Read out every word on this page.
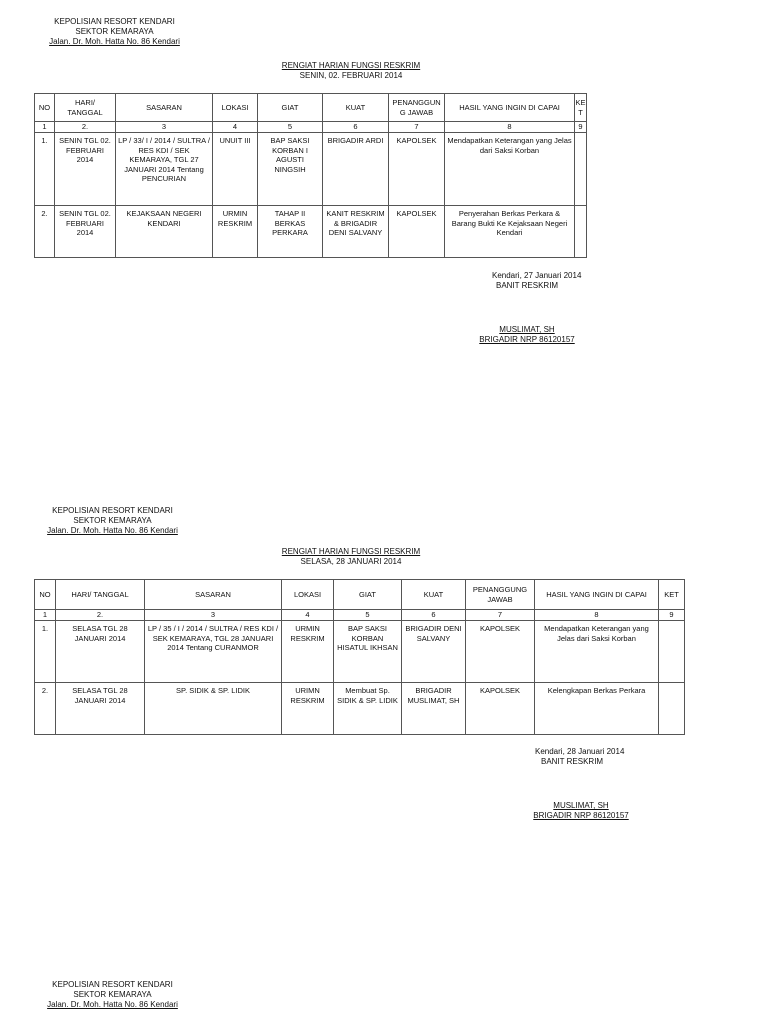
KEPOLISIAN RESORT KENDARI
SEKTOR KEMARAYA
Jalan. Dr. Moh. Hatta No. 86 Kendari
RENGIAT HARIAN FUNGSI RESKRIM
SENIN, 02. FEBRUARI 2014
NO	HARI/ TANGGAL	SASARAN	LOKASI	GIAT	KUAT	PENANGGUN G JAWAB	HASIL YANG INGIN DI CAPAI	KE T
1	2.	3	4	5	6	7	8	9
1.	SENIN TGL 02. FEBRUARI 2014	LP / 33/ I / 2014 / SULTRA / RES KDI / SEK KEMARAYA, TGL 27 JANUARI 2014 Tentang PENCURIAN	UNUIT III	BAP SAKSI KORBAN I AGUSTI NINGSIH	BRIGADIR ARDI	KAPOLSEK	Mendapatkan Keterangan yang Jelas dari Saksi Korban	
2.	SENIN TGL 02. FEBRUARI 2014	KEJAKSAAN NEGERI KENDARI	URMIN RESKRIM	TAHAP II BERKAS PERKARA	KANIT RESKRIM & BRIGADIR DENI SALVANY	KAPOLSEK	Penyerahan Berkas Perkara & Barang Bukti Ke Kejaksaan Negeri Kendari	
Kendari, 27 Januari 2014
BANIT RESKRIM
MUSLIMAT, SH
BRIGADIR NRP 86120157
KEPOLISIAN RESORT KENDARI
SEKTOR KEMARAYA
Jalan. Dr. Moh. Hatta No. 86 Kendari
RENGIAT HARIAN FUNGSI RESKRIM
SELASA, 28 JANUARI 2014
NO	HARI/ TANGGAL	SASARAN	LOKASI	GIAT	KUAT	PENANGGUNG JAWAB	HASIL YANG INGIN DI CAPAI	KET
1	2.	3	4	5	6	7	8	9
1.	SELASA TGL 28 JANUARI 2014	LP / 35 / I / 2014 / SULTRA / RES KDI / SEK KEMARAYA, TGL 28 JANUARI 2014 Tentang CURANMOR	URMIN RESKRIM	BAP SAKSI KORBAN HISATUL IKHSAN	BRIGADIR DENI SALVANY	KAPOLSEK	Mendapatkan Keterangan yang Jelas dari Saksi Korban	
2.	SELASA TGL 28 JANUARI 2014	SP. SIDIK & SP. LIDIK	URIMN RESKRIM	Membuat Sp. SIDIK & SP. LIDIK	BRIGADIR MUSLIMAT, SH	KAPOLSEK	Kelengkapan Berkas Perkara	
Kendari, 28 Januari 2014
BANIT RESKRIM
MUSLIMAT, SH
BRIGADIR NRP 86120157
KEPOLISIAN RESORT KENDARI
SEKTOR KEMARAYA
Jalan. Dr. Moh. Hatta No. 86 Kendari
